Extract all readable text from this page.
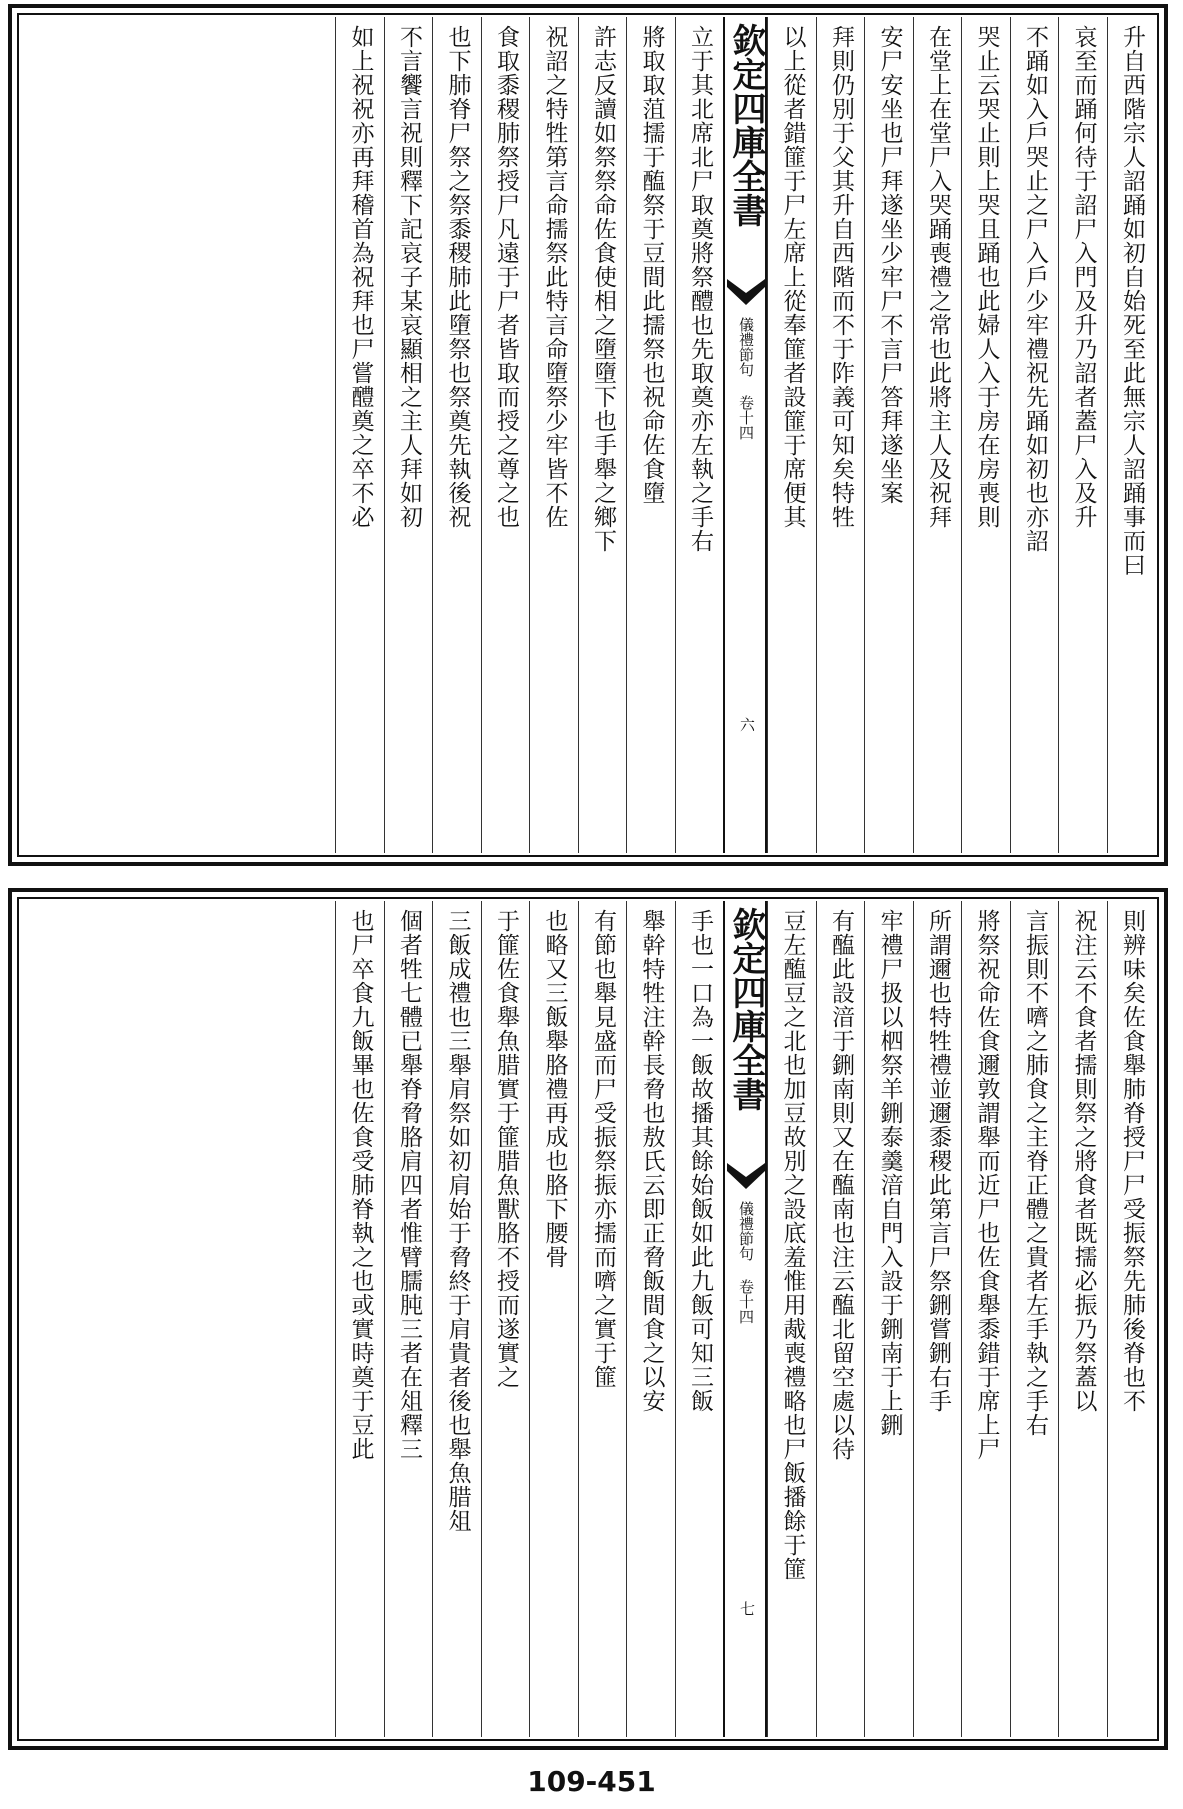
升自西階宗人詔踊如初自始死至此無宗人詔踊事而曰
哀至而踊何待于詔尸入門及升乃詔者蓋尸入及升
不踊如入戶哭止之尸入戶少牢禮祝先踊如初也亦詔
哭止云哭止則上哭且踊也此婦人入于房在房喪則
在堂上在堂尸入哭踊喪禮之常也此將主人及祝拜
安尸安坐也尸拜遂坐少牢尸不言尸答拜遂坐案
拜則仍別于父其升自西階而不于阼義可知矣特牲
以上從者錯篚于尸左席上從奉篚者設篚于席便其
欽定四庫全書
儀禮節句 卷十四
六
立于其北席北尸取奠將祭醴也先取奠亦左執之手右
將取取菹擩于醢祭于豆間此擩祭也祝命佐食墮
許志反讀如祭祭命佐食使相之墮墮下也手舉之鄉下
祝詔之特牲第言命擩祭此特言命墮祭少牢皆不佐
食取黍稷肺祭授尸凡遠于尸者皆取而授之尊之也
也下肺脊尸祭之祭黍稷肺此墮祭也祭奠先執後祝
不言饗言祝則釋下記哀子某哀顯相之主人拜如初
如上祝祝亦再拜稽首為祝拜也尸嘗醴奠之卒不必
則辨味矣佐食舉肺脊授尸尸受振祭先肺後脊也不
祝注云不食者擩則祭之將食者既擩必振乃祭蓋以
言振則不嚌之肺食之主脊正體之貴者左手執之手右
將祭祝命佐食邇敦謂舉而近尸也佐食舉黍錯于席上尸
所謂邇也特牲禮並邇黍稷此第言尸祭鉶嘗鉶右手
牢禮尸扱以柶祭羊鉶泰羹湆自門入設于鉶南于上鉶
有醢此設湆于鉶南則又在醢南也注云醢北留空處以待
豆左醢豆之北也加豆故別之設底羞惟用胾喪禮略也尸飯播餘于篚
欽定四庫全書
儀禮節句 卷十四
七
手也一口為一飯故播其餘始飯如此九飯可知三飯
舉幹特牲注幹長脅也敖氏云即正脅飯間食之以安
有節也舉見盛而尸受振祭振亦擩而嚌之實于篚
也略又三飯舉胳禮再成也胳下腰骨
于篚佐食舉魚腊實于篚腊魚獸胳不授而遂實之
三飯成禮也三舉肩祭如初肩始于脅終于肩貴者後也舉魚腊俎
個者牲七體已舉脊脅胳肩四者惟臂臑肫三者在俎釋三
也尸卒食九飯畢也佐食受肺脊執之也或實時奠于豆此
109-451
